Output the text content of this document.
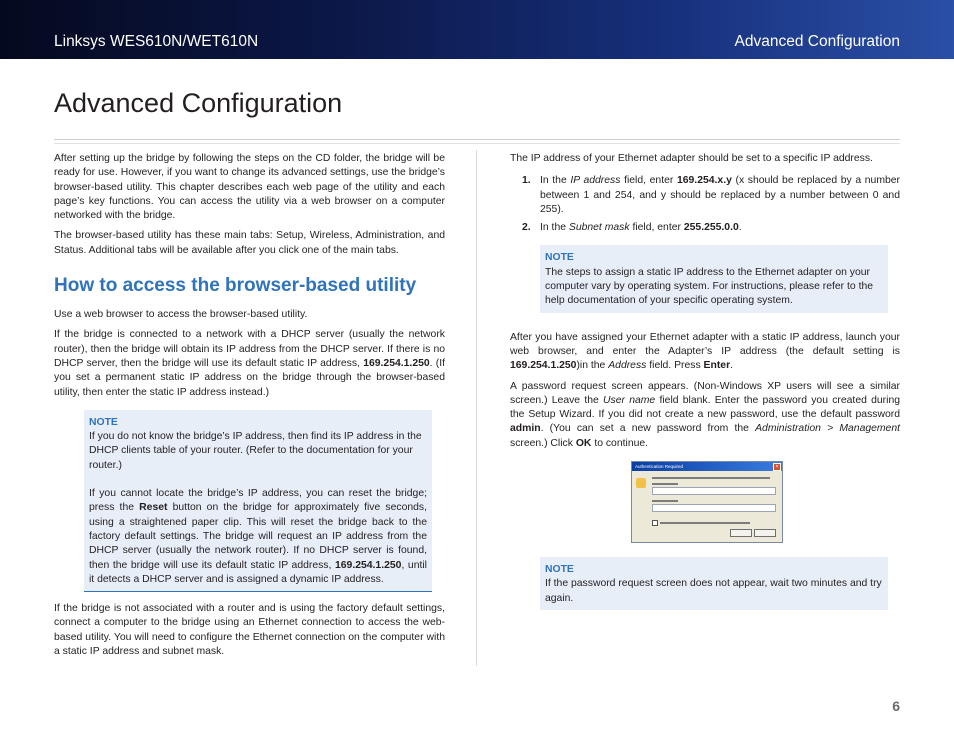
Linksys WES610N/WET610N	Advanced Configuration
Advanced Configuration

After setting up the bridge by following the steps on the CD folder, the bridge will be ready for use. However, if you want to change its advanced settings, use the bridge’s browser-based utility. This chapter describes each web page of the utility and each page’s key functions. You can access the utility via a web browser on a computer networked with the bridge.

The browser-based utility has these main tabs: Setup, Wireless, Administration, and Status. Additional tabs will be available after you click one of the main tabs.

How to access the browser-based utility

Use a web browser to access the browser-based utility.

If the bridge is connected to a network with a DHCP server (usually the network router), then the bridge will obtain its IP address from the DHCP server. If there is no DHCP server, then the bridge will use its default static IP address, 169.254.1.250. (If you set a permanent static IP address on the bridge through the browser-based utility, then enter the static IP address instead.)

NOTE

If you do not know the bridge’s IP address, then find its IP address in the DHCP clients table of your router. (Refer to the documentation for your router.)

If you cannot locate the bridge’s IP address, you can reset the bridge; press the Reset button on the bridge for approximately five seconds, using a straightened paper clip. This will reset the bridge back to the factory default settings. The bridge will request an IP address from the DHCP server (usually the network router). If no DHCP server is found, then the bridge will use its default static IP address, 169.254.1.250, until it detects a DHCP server and is assigned a dynamic IP address.

If the bridge is not associated with a router and is using the factory default settings, connect a computer to the bridge using an Ethernet connection to access the web-based utility. You will need to configure the Ethernet connection on the computer with a static IP address and subnet mask.

The IP address of your Ethernet adapter should be set to a specific IP address.

1. In the IP address field, enter 169.254.x.y (x should be replaced by a number between 1 and 254, and y should be replaced by a number between 0 and 255).
2. In the Subnet mask field, enter 255.255.0.0.
NOTE

The steps to assign a static IP address to the Ethernet adapter on your computer vary by operating system. For instructions, please refer to the help documentation of your specific operating system.

After you have assigned your Ethernet adapter with a static IP address, launch your web browser, and enter the Adapter’s IP address (the default setting is 169.254.1.250)in the Address field. Press Enter.

A password request screen appears. (Non-Windows XP users will see a similar screen.) Leave the User name field blank. Enter the password you created during the Setup Wizard. If you did not create a new password, use the default password admin. (You can set a new password from the Administration > Management screen.) Click OK to continue.

Authentication Required	×
NOTE

If the password request screen does not appear, wait two minutes and try again.

6
